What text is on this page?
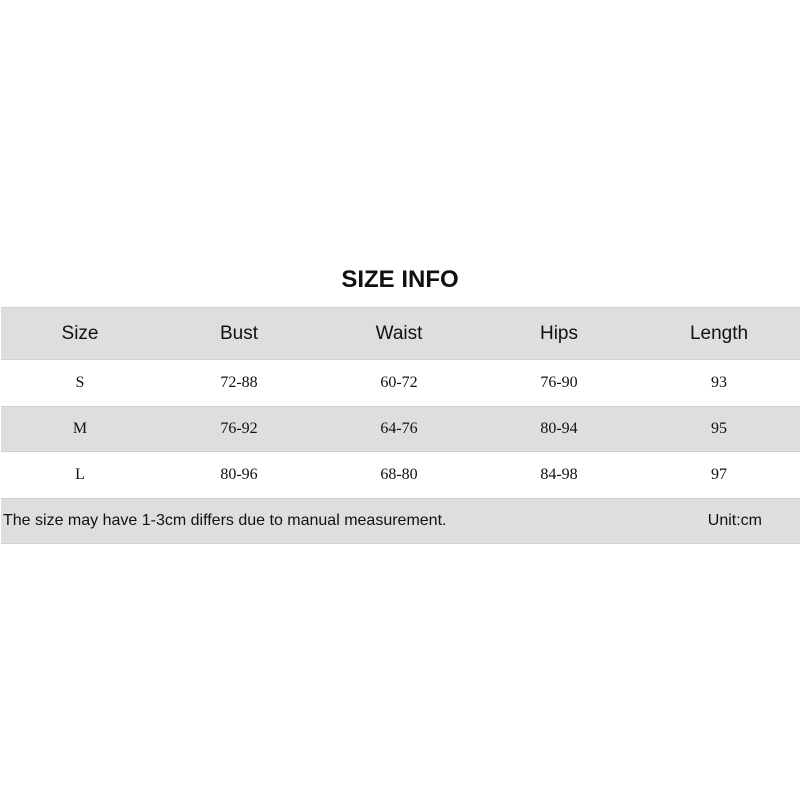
SIZE INFO
Size	Bust	Waist	Hips	Length
S	72-88	60-72	76-90	93
M	76-92	64-76	80-94	95
L	80-96	68-80	84-98	97
The size may have 1-3cm differs due to manual measurement.	Unit:cm
